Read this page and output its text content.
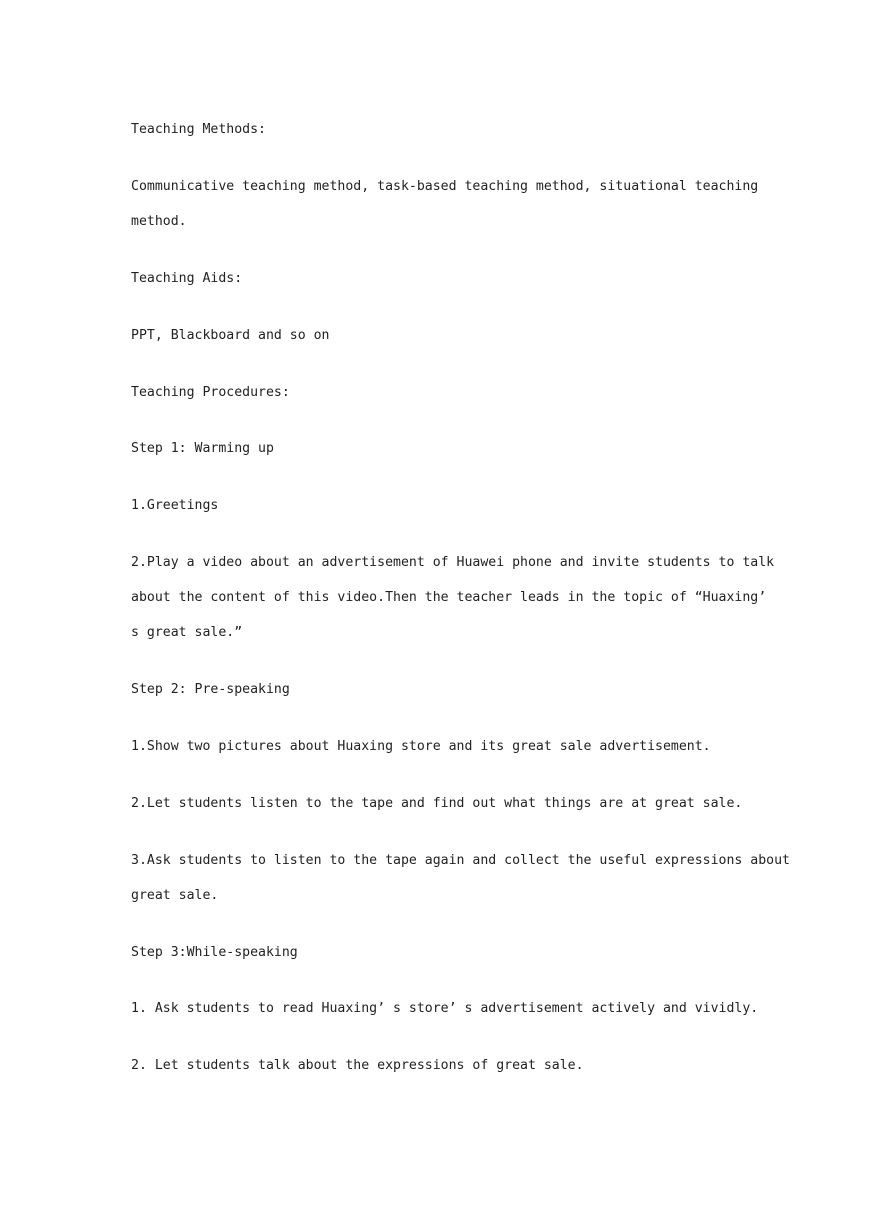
Teaching Methods:

Communicative teaching method, task-based teaching method, situational teaching
method.

Teaching Aids:

PPT, Blackboard and so on

Teaching Procedures:

Step 1: Warming up

1.Greetings

2.Play a video about an advertisement of Huawei phone and invite students to talk
about the content of this video.Then the teacher leads in the topic of “Huaxing’
s great sale.”

Step 2: Pre-speaking

1.Show two pictures about Huaxing store and its great sale advertisement.

2.Let students listen to the tape and find out what things are at great sale.

3.Ask students to listen to the tape again and collect the useful expressions about
great sale.

Step 3:While-speaking

1. Ask students to read Huaxing’ s store’ s advertisement actively and vividly.

2. Let students talk about the expressions of great sale.
